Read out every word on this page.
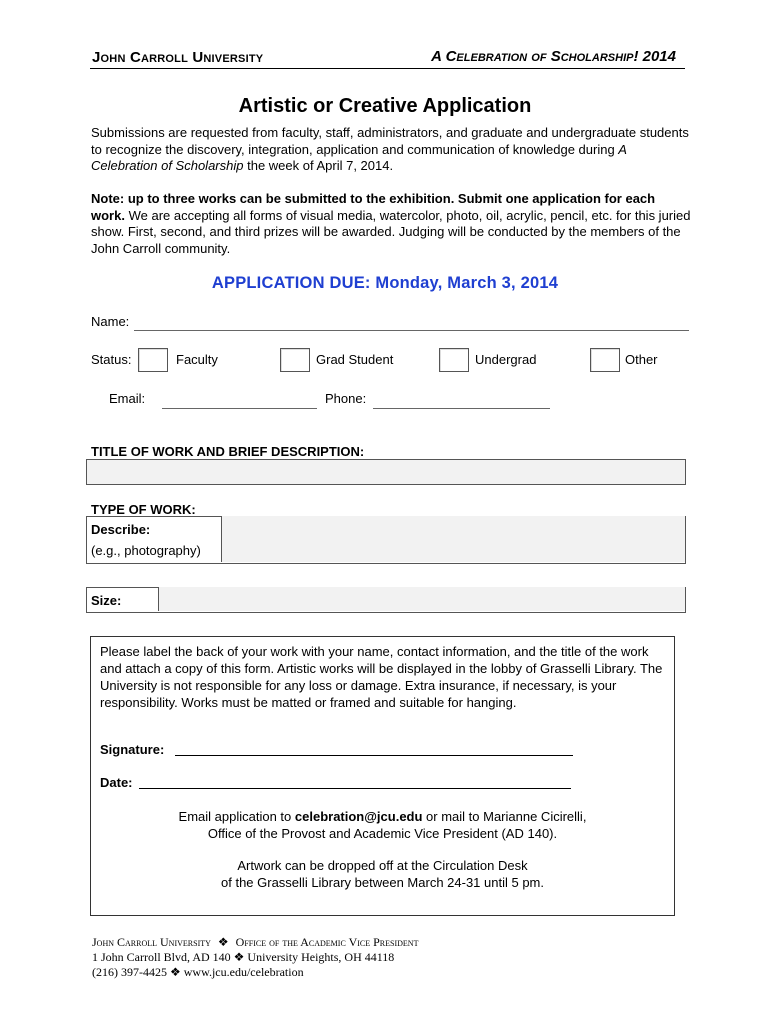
John Carroll University	A Celebration of Scholarship! 2014
Artistic or Creative Application
Submissions are requested from faculty, staff, administrators, and graduate and undergraduate students to recognize the discovery, integration, application and communication of knowledge during A Celebration of Scholarship the week of April 7, 2014.
Note: up to three works can be submitted to the exhibition. Submit one application for each work. We are accepting all forms of visual media, watercolor, photo, oil, acrylic, pencil, etc. for this juried show. First, second, and third prizes will be awarded. Judging will be conducted by the members of the John Carroll community.
APPLICATION DUE: Monday, March 3, 2014
Name:
Status:	Faculty	Grad Student	Undergrad	Other
Email:	Phone:
TITLE OF WORK AND BRIEF DESCRIPTION:
TYPE OF WORK:
Describe:
(e.g., photography)
Size:
Please label the back of your work with your name, contact information, and the title of the work and attach a copy of this form. Artistic works will be displayed in the lobby of Grasselli Library. The University is not responsible for any loss or damage. Extra insurance, if necessary, is your responsibility. Works must be matted or framed and suitable for hanging.
Signature:
Date:
Email application to celebration@jcu.edu or mail to Marianne Cicirelli,
Office of the Provost and Academic Vice President (AD 140).
Artwork can be dropped off at the Circulation Desk
of the Grasselli Library between March 24-31 until 5 pm.
John Carroll University ❖ Office of the Academic Vice President
1 John Carroll Blvd, AD 140 ❖ University Heights, OH 44118
(216) 397-4425 ❖ www.jcu.edu/celebration
